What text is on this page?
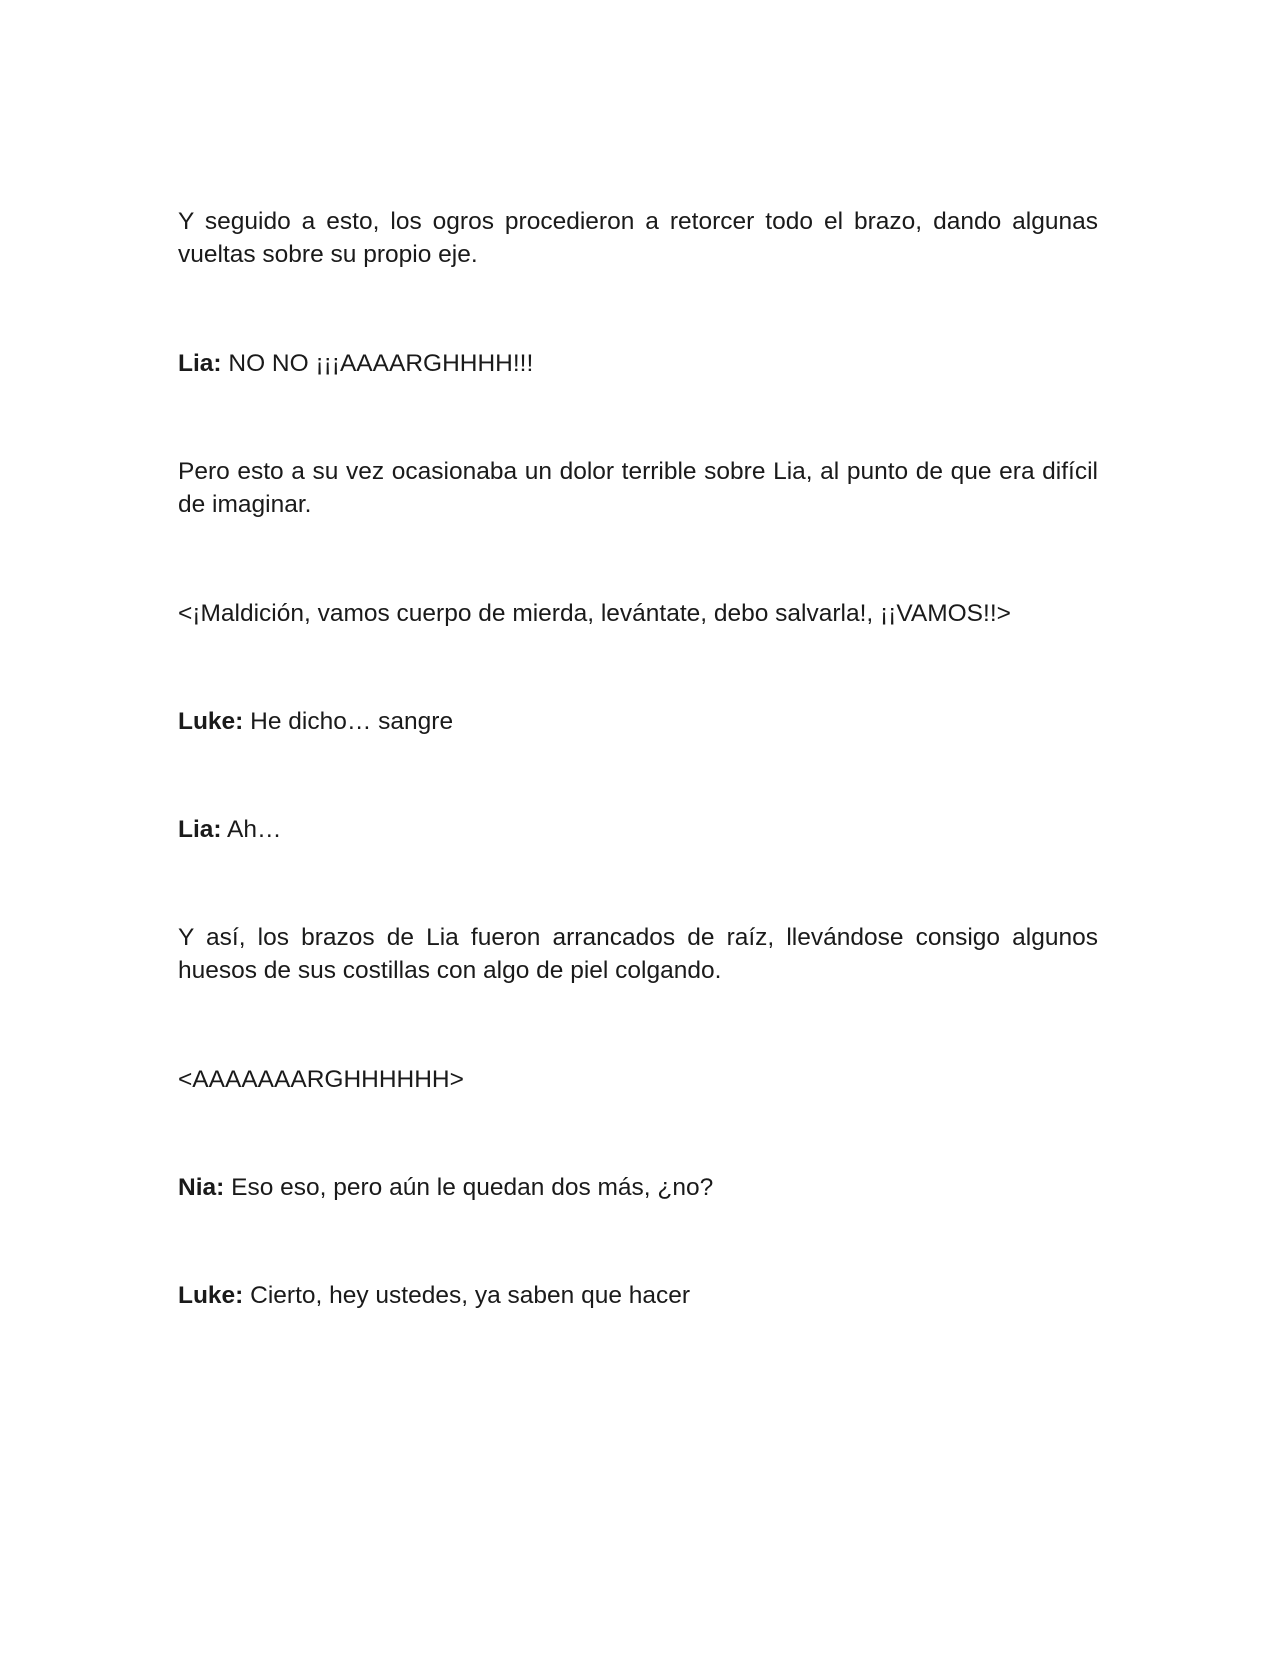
Y seguido a esto, los ogros procedieron a retorcer todo el brazo, dando algunas vueltas sobre su propio eje.

Lia: NO NO ¡¡¡AAAARGHHHH!!!

Pero esto a su vez ocasionaba un dolor terrible sobre Lia, al punto de que era difícil de imaginar.

<¡Maldición, vamos cuerpo de mierda, levántate, debo salvarla!, ¡¡VAMOS!!>

Luke: He dicho… sangre

Lia: Ah…

Y así, los brazos de Lia fueron arrancados de raíz, llevándose consigo algunos huesos de sus costillas con algo de piel colgando.

<AAAAAAARGHHHHHH>

Nia: Eso eso, pero aún le quedan dos más, ¿no?

Luke: Cierto, hey ustedes, ya saben que hacer
